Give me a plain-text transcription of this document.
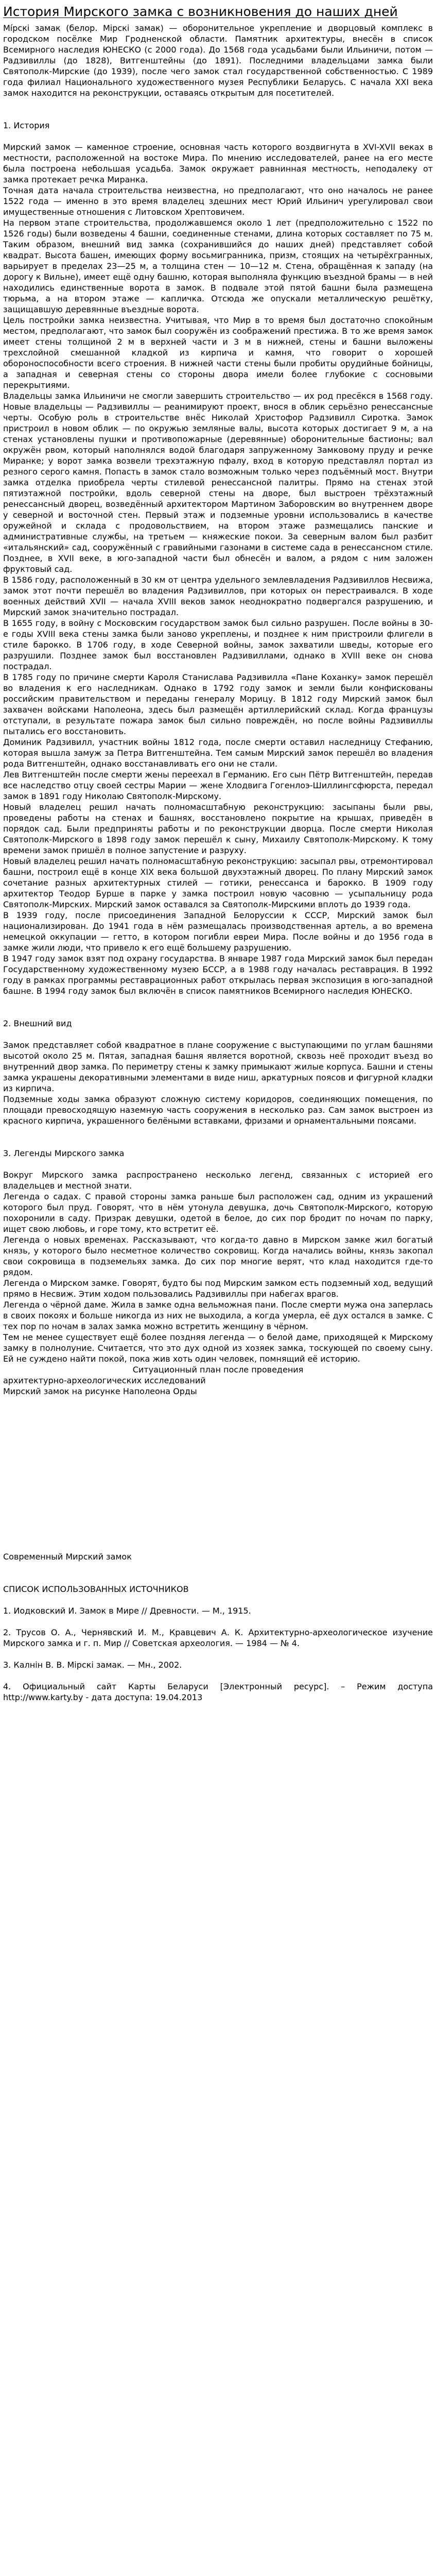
История Мирского замка с возникновения до наших дней

Мі́рскі замак (белор. Мірскі замак) — оборонительное укрепление и дворцовый комплекс в городском посёлке Мир Гродненской области. Памятник архитектуры, внесён в список Всемирного наследия ЮНЕСКО (с 2000 года). До 1568 года усадьбами были Ильиничи, потом — Радзивиллы (до 1828), Витгенштейны (до 1891). Последними владельцами замка были Святополк-Мирские (до 1939), после чего замок стал государственной собственностью. С 1989 года филиал Национального художественного музея Республики Беларусь. С начала XXI века замок находится на реконструкции, оставаясь открытым для посетителей.

1. История

Мирский замок — каменное строение, основная часть которого воздвигнута в XVI-XVII веках в местности, расположенной на востоке Мира. По мнению исследователей, ранее на его месте была построена небольшая усадьба. Замок окружает равнинная местность, неподалеку от замка протекает речка Миранка.

Точная дата начала строительства неизвестна, но предполагают, что оно началось не ранее 1522 года — именно в это время владелец здешних мест Юрий Ильинич урегулировал свои имущественные отношения с Литовском Хрептовичем.

На первом этапе строительства, продолжавшемся около 1 лет (предположительно с 1522 по 1526 годы) были возведены 4 башни, соединенные стенами, длина которых составляет по 75 м. Таким образом, внешний вид замка (сохранившийся до наших дней) представляет собой квадрат. Высота башен, имеющих форму восьмигранника, призм, стоящих на четырёхгранных, варьирует в пределах 23—25 м, а толщина стен — 10—12 м. Стена, обращённая к западу (на дорогу к Вильне), имеет ещё одну башню, которая выполняла функцию въездной брамы — в ней находились единственные ворота в замок. В подвале этой пятой башни была размещена тюрьма, а на втором этаже — капличка. Отсюда же опускали металлическую решётку, защищавшую деревянные въездные ворота.

Цель постройки замка неизвестна. Учитывая, что Мир в то время был достаточно спокойным местом, предполагают, что замок был сооружён из соображений престижа. В то же время замок имеет стены толщиной 2 м в верхней части и 3 м в нижней, стены и башни выложены трехслойной смешанной кладкой из кирпича и камня, что говорит о хорошей обороноспособности всего строения. В нижней части стены были пробиты орудийные бойницы, а западная и северная стены со стороны двора имели более глубокие с сосновыми перекрытиями.

Владельцы замка Ильиничи не смогли завершить строительство — их род пресёкся в 1568 году. Новые владельцы — Радзивиллы — реанимируют проект, внося в облик серьёзно ренессансные черты. Особую роль в строительстве внёс Николай Христофор Радзивилл Сиротка. Замок пристроил в новом облик — по окружью земляные валы, высота которых достигает 9 м, а на стенах установлены пушки и противопожарные (деревянные) оборонительные бастионы; вал окружён рвом, который наполнялся водой благодаря запруженному Замковому пруду и речке Миранке; у ворот замка возвели трехэтажную пфалу, вход в которую представлял портал из резного серого камня. Попасть в замок стало возможным только через подъёмный мост. Внутри замка отделка приобрела черты стилевой ренессансной палитры. Прямо на стенах этой пятиэтажной постройки, вдоль северной стены на дворе, был выстроен трёхэтажный ренессансный дворец, возведённый архитектором Мартином Заборовским во внутреннем дворе у северной и восточной стен. Первый этаж и подземные уровни использовались в качестве оружейной и склада с продовольствием, на втором этаже размещались панские и административные службы, на третьем — княжеские покои. За северным валом был разбит «итальянский» сад, сооружённый с гравийными газонами в системе сада в ренессансном стиле. Позднее, в XVII веке, в юго-западной части был обнесён и валом, а рядом с ним заложен фруктовый сад.

В 1586 году, расположенный в 30 км от центра удельного землевладения Радзивиллов Несвижа, замок этот почти перешёл во владения Радзивиллов, при которых он перестраивался. В ходе военных действий XVII — начала XVIII веков замок неоднократно подвергался разрушению, и Мирский замок значительно пострадал.

В 1655 году, в войну с Московским государством замок был сильно разрушен. После войны в 30-е годы XVIII века стены замка были заново укреплены, и позднее к ним пристроили флигели в стиле барокко. В 1706 году, в ходе Северной войны, замок захватили шведы, которые его разрушили. Позднее замок был восстановлен Радзивиллами, однако в XVIII веке он снова пострадал.

В 1785 году по причине смерти Кароля Станислава Радзивилла «Пане Коханку» замок перешёл во владения к его наследникам. Однако в 1792 году замок и земли были конфискованы российским правительством и переданы генералу Морицу. В 1812 году Мирский замок был захвачен войсками Наполеона, здесь был размещён артиллерийский склад. Когда французы отступали, в результате пожара замок был сильно повреждён, но после войны Радзивиллы пытались его восстановить.

Доминик Радзивилл, участник войны 1812 года, после смерти оставил наследницу Стефанию, которая вышла замуж за Петра Витгенштейна. Тем самым Мирский замок перешёл во владения рода Витгенштейн, однако восстанавливать его они не стали.

Лев Витгенштейн после смерти жены переехал в Германию. Его сын Пётр Витгенштейн, передав все наследство отцу своей сестры Марии — жене Хлодвига Гогенлоэ-Шиллингсфюрста, передал замок в 1891 году Николаю Святополк-Мирскому.

Новый владелец решил начать полномасштабную реконструкцию: засыпаны были рвы, проведены работы на стенах и башнях, восстановлено покрытие на крышах, приведён в порядок сад. Были предприняты работы и по реконструкции дворца. После смерти Николая Святополк-Мирского в 1898 году замок перешёл к сыну, Михаилу Святополк-Мирскому. К тому времени замок пришёл в полное запустение и разруху.

Новый владелец решил начать полномасштабную реконструкцию: засыпал рвы, отремонтировал башни, построил ещё в конце XIX века большой двухэтажный дворец. По плану Мирский замок сочетание разных архитектурных стилей — готики, ренессанса и барокко. В 1909 году архитектор Теодор Бурше в парке у замка построил новую часовню — усыпальницу рода Святополк-Мирских. Мирский замок оставался за Святополк-Мирскими вплоть до 1939 года.

В 1939 году, после присоединения Западной Белоруссии к СССР, Мирский замок был национализирован. До 1941 года в нём размещалась производственная артель, а во времена немецкой оккупации — гетто, в котором погибли евреи Мира. После войны и до 1956 года в замке жили люди, что привело к его ещё большему разрушению.

В 1947 году замок взят под охрану государства. В январе 1987 года Мирский замок был передан Государственному художественному музею БССР, а в 1988 году началась реставрация. В 1992 году в рамках программы реставрационных работ открылась первая экспозиция в юго-западной башне. В 1994 году замок был включён в список памятников Всемирного наследия ЮНЕСКО.

2. Внешний вид

Замок представляет собой квадратное в плане сооружение с выступающими по углам башнями высотой около 25 м. Пятая, западная башня является воротной, сквозь неё проходит въезд во внутренний двор замка. По периметру стены к замку примыкают жилые корпуса. Башни и стены замка украшены декоративными элементами в виде ниш, аркатурных поясов и фигурной кладки из кирпича.

Подземные ходы замка образуют сложную систему коридоров, соединяющих помещения, по площади превосходящую наземную часть сооружения в несколько раз. Сам замок выстроен из красного кирпича, украшенного белёными вставками, фризами и орнаментальными поясами.

3. Легенды Мирского замка

Вокруг Мирского замка распространено несколько легенд, связанных с историей его владельцев и местной знати.

Легенда о садах. С правой стороны замка раньше был расположен сад, одним из украшений которого был пруд. Говорят, что в нём утонула девушка, дочь Святополк-Мирского, которую похоронили в саду. Призрак девушки, одетой в белое, до сих пор бродит по ночам по парку, ищет свою любовь, и горе тому, кто встретит её.

Легенда о новых временах. Рассказывают, что когда-то давно в Мирском замке жил богатый князь, у которого было несметное количество сокровищ. Когда начались войны, князь закопал свои сокровища в подземельях замка. До сих пор многие верят, что клад находится где-то рядом.

Легенда о Мирском замке. Говорят, будто бы под Мирским замком есть подземный ход, ведущий прямо в Несвиж. Этим ходом пользовались Радзивиллы при набегах врагов.

Легенда о чёрной даме. Жила в замке одна вельможная пани. После смерти мужа она заперлась в своих покоях и больше никогда из них не выходила, а когда умерла, её дух остался в замке. С тех пор по ночам в залах замка можно встретить женщину в чёрном.

Тем не менее существует ещё более поздняя легенда — о белой даме, приходящей к Мирскому замку в полнолуние. Считается, что это дух одной из хозяек замка, тоскующей по своему сыну. Ей не суждено найти покой, пока жив хоть один человек, помнящий её историю.

Ситуационный план после проведения

архитектурно-археологических исследований

Мирский замок на рисунке Наполеона Орды

Современный Мирский замок

СПИСОК ИСПОЛЬЗОВАННЫХ ИСТОЧНИКОВ

1. Иодковский И. Замок в Мире // Древности. — М., 1915.

2. Трусов О. А., Чернявский И. М., Кравцевич А. К. Архитектурно-археологическое изучение Мирского замка и г. п. Мир // Советская археология. — 1984 — № 4.

3. Калнін В. В. Мірскі замак. — Мн., 2002.

4. Официальный сайт Карты Беларуси [Электронный ресурс]. – Режим доступа http://www.karty.by - дата доступа: 19.04.2013
